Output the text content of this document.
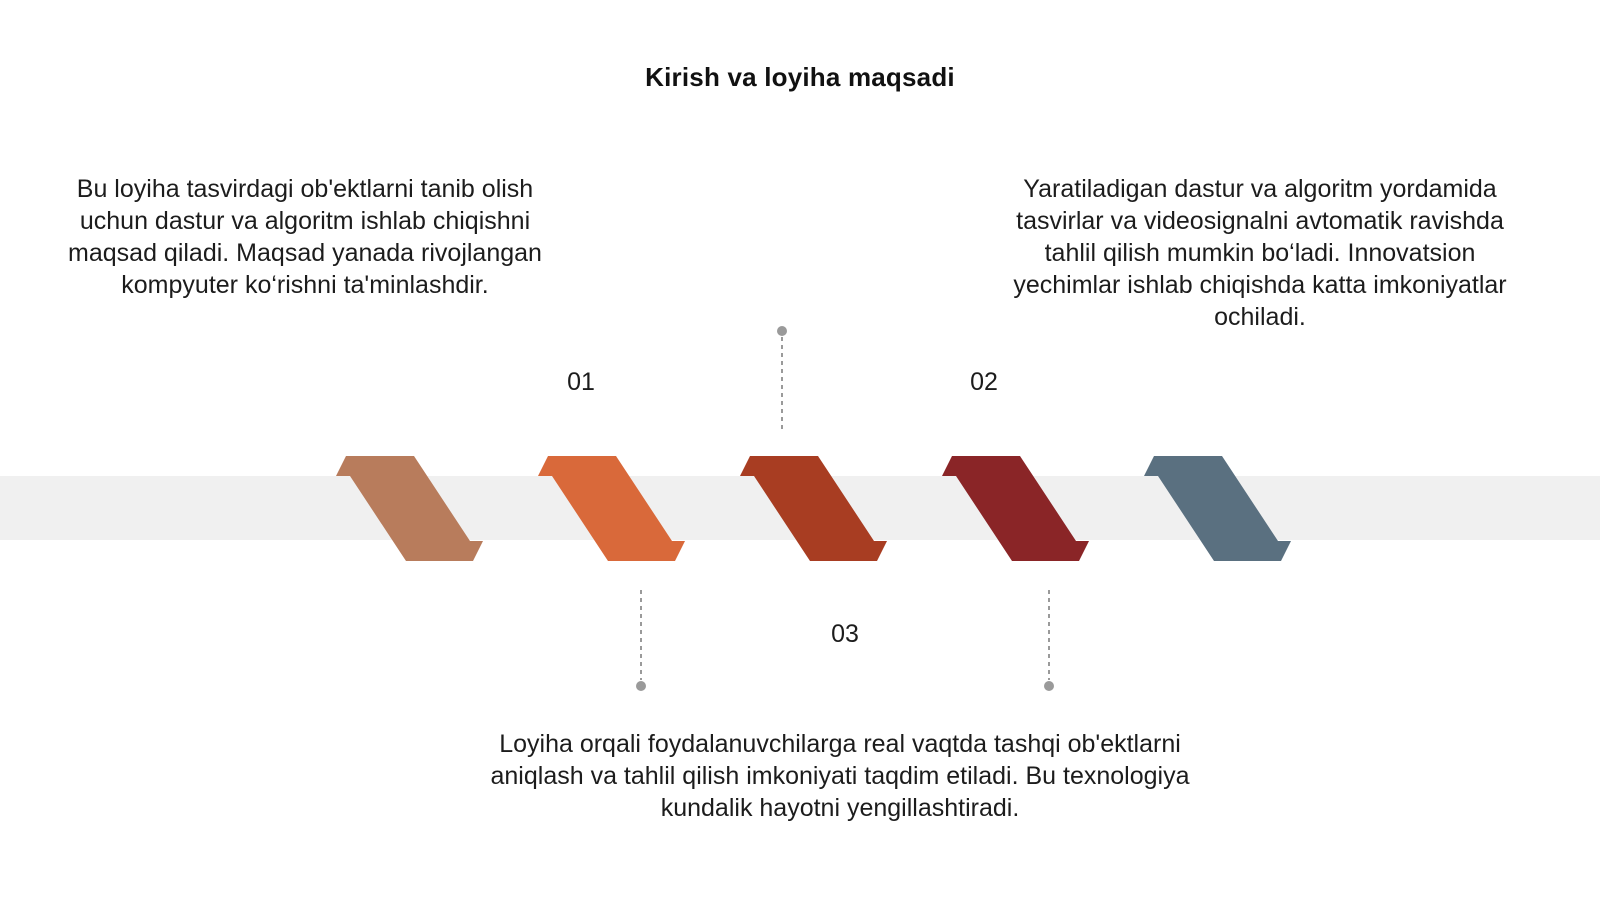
Kirish va loyiha maqsadi

Bu loyiha tasvirdagi ob'ektlarni tanib olish uchun dastur va algoritm ishlab chiqishni maqsad qiladi. Maqsad yanada rivojlangan kompyuter ko‘rishni ta'minlashdir.

Yaratiladigan dastur va algoritm yordamida tasvirlar va videosignalni avtomatik ravishda tahlil qilish mumkin bo‘ladi. Innovatsion yechimlar ishlab chiqishda katta imkoniyatlar ochiladi.

Loyiha orqali foydalanuvchilarga real vaqtda tashqi ob'ektlarni aniqlash va tahlil qilish imkoniyati taqdim etiladi. Bu texnologiya kundalik hayotni yengillashtiradi.

01	02
03
